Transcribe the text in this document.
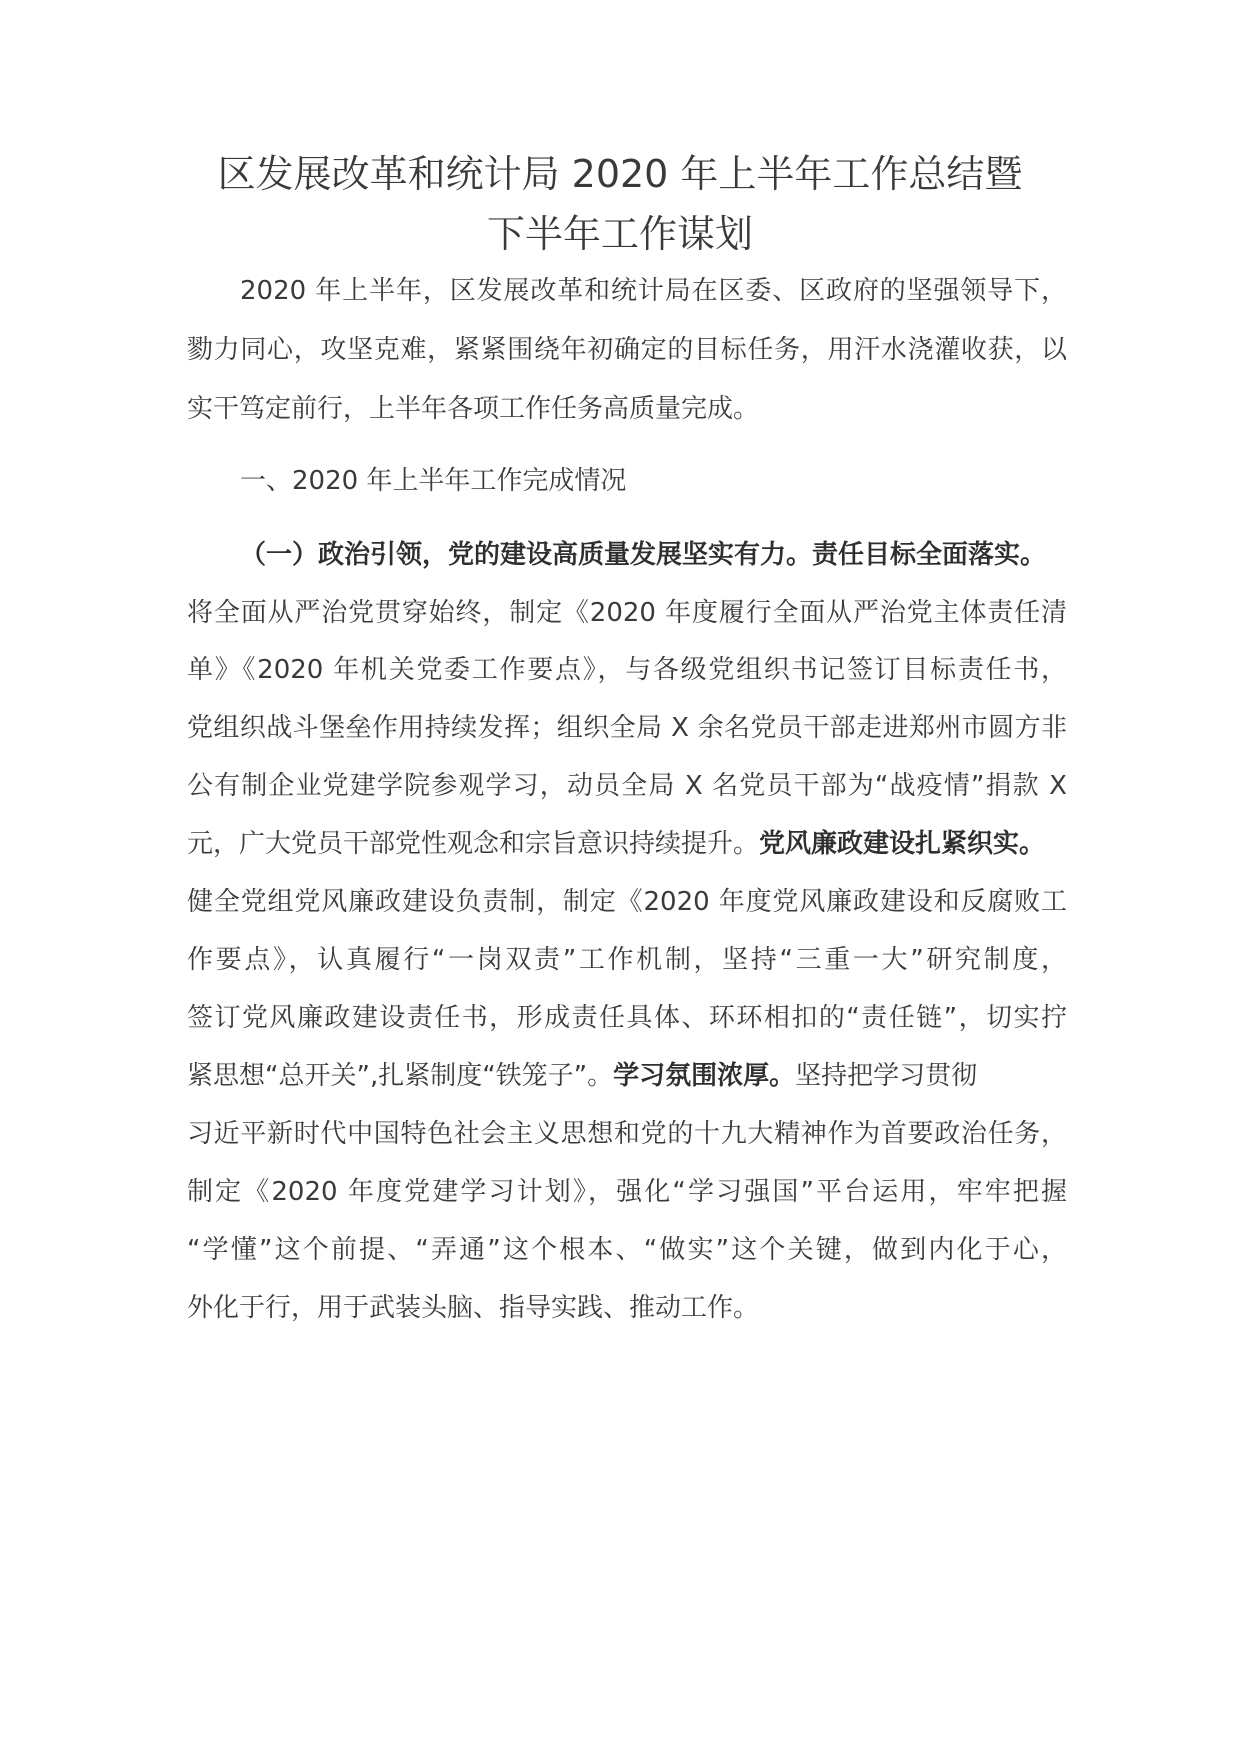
区发展改革和统计局 2020 年上半年工作总结暨
下半年工作谋划
2020 年上半年，区发展改革和统计局在区委、区政府的坚强领导下，
勠力同心，攻坚克难，紧紧围绕年初确定的目标任务，用汗水浇灌收获，以
实干笃定前行，上半年各项工作任务高质量完成。
一、2020 年上半年工作完成情况
（一）政治引领，党的建设高质量发展坚实有力。责任目标全面落实。
将全面从严治党贯穿始终，制定《2020 年度履行全面从严治党主体责任清
单》《2020 年机关党委工作要点》，与各级党组织书记签订目标责任书，
党组织战斗堡垒作用持续发挥；组织全局 X 余名党员干部走进郑州市圆方非
公有制企业党建学院参观学习，动员全局 X 名党员干部为“战疫情”捐款 X
元，广大党员干部党性观念和宗旨意识持续提升。党风廉政建设扎紧织实。
健全党组党风廉政建设负责制，制定《2020 年度党风廉政建设和反腐败工
作要点》，认真履行“一岗双责”工作机制，坚持“三重一大”研究制度，
签订党风廉政建设责任书，形成责任具体、环环相扣的“责任链”，切实拧
紧思想“总开关”,扎紧制度“铁笼子”。学习氛围浓厚。坚持把学习贯彻
习近平新时代中国特色社会主义思想和党的十九大精神作为首要政治任务，
制定《2020 年度党建学习计划》，强化“学习强国”平台运用，牢牢把握
“学懂”这个前提、“弄通”这个根本、“做实”这个关键，做到内化于心，
外化于行，用于武装头脑、指导实践、推动工作。
